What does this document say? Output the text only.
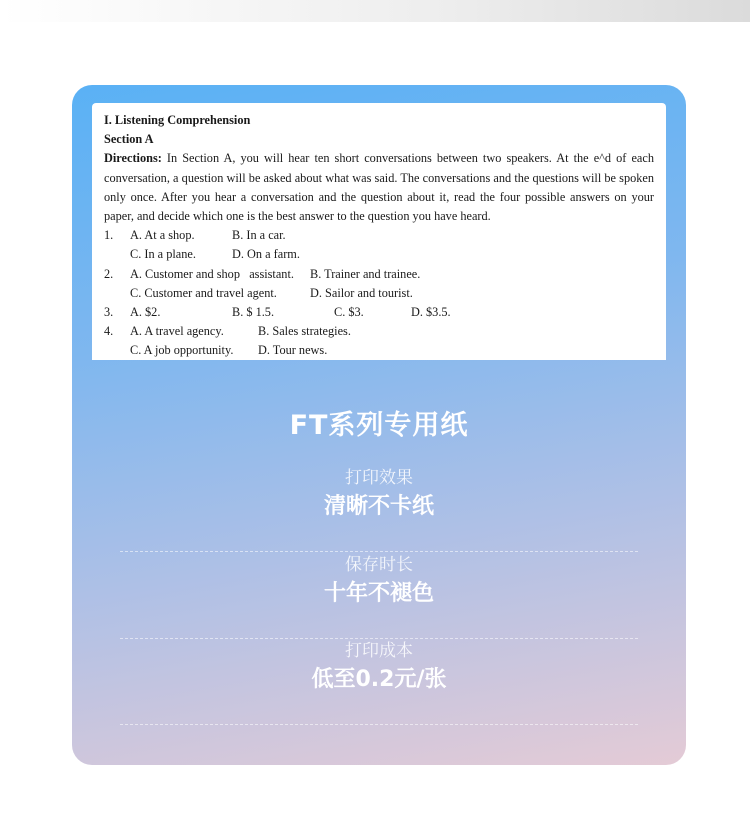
I. Listening Comprehension
Section A
Directions: In Section A, you will hear ten short conversations between two speakers. At the e^d of each conversation, a question will be asked about what was said. The conversations and the questions will be spoken only once. After you hear a conversation and the question about it, read the four possible answers on your paper, and decide which one is the best answer to the question you have heard.
1.	A. At a shop.	B. In a car.
C. In a plane.	D. On a farm.
2.	A. Customer and shop   assistant.	B. Trainer and trainee.
C. Customer and travel agent.	D. Sailor and tourist.
3.	A. $2.	B. $ 1.5.	C. $3.	D. $3.5.
4.	A. A travel agency.	B. Sales strategies.
C. A job opportunity.	D. Tour news.
FT系列专用纸
打印效果
清晰不卡纸
保存时长
十年不褪色
打印成本
低至0.2元/张
